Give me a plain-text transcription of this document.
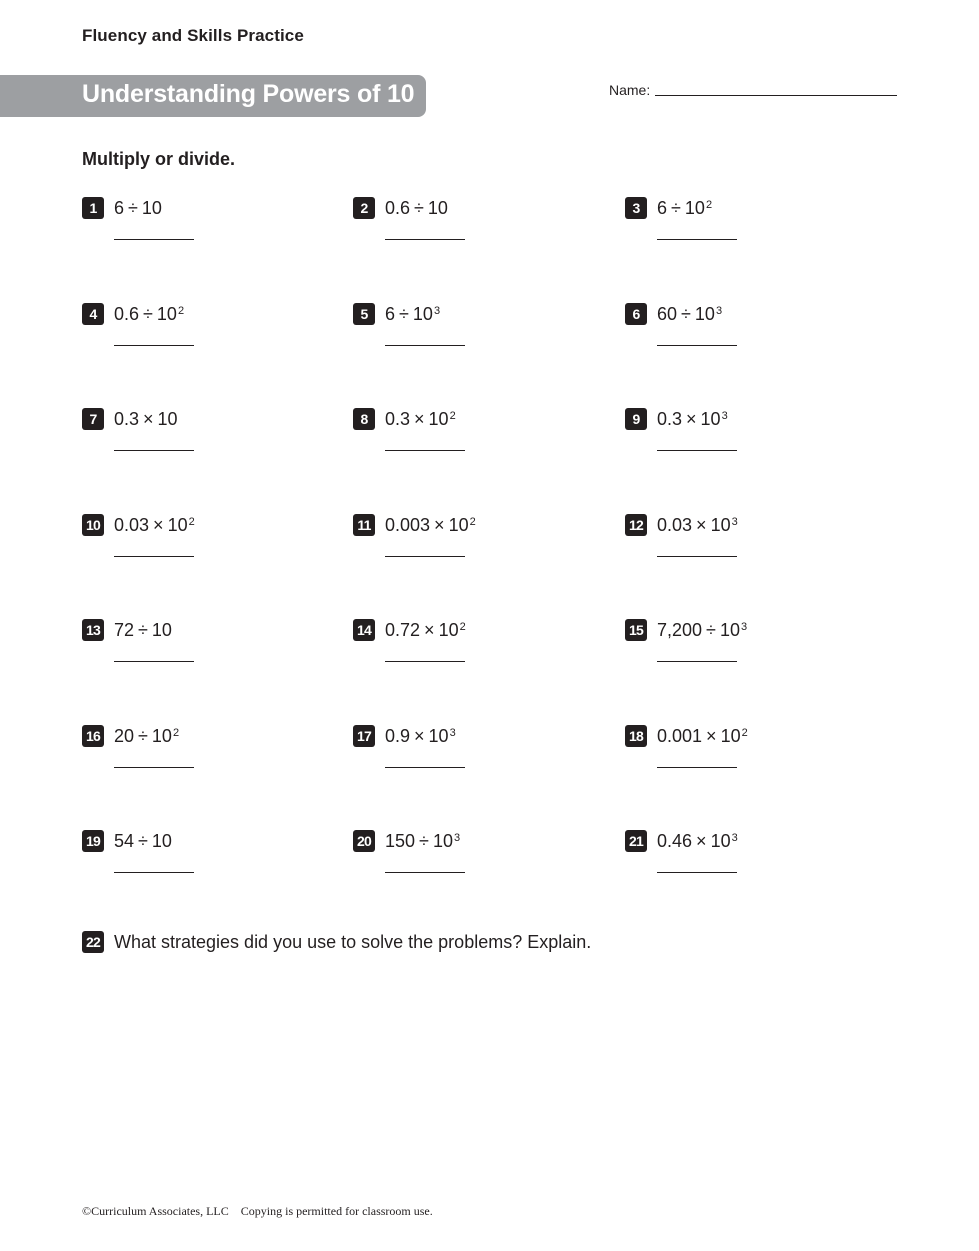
Fluency and Skills Practice
Understanding Powers of 10	Name:
Multiply or divide.
1 6 ÷ 10	2 0.6 ÷ 10	3 $6 \div 10^2$
4 $0.6 \div 10^2$	5 $6 \div 10^3$	6 $60 \div 10^3$
7 0.3 × 10	8 $0.3 \times 10^2$	9 $0.3 \times 10^3$
10 $0.03 \times 10^2$	11 $0.003 \times 10^2$	12 $0.03 \times 10^3$
13 72 ÷ 10	14 $0.72 \times 10^2$	15 $7,200 \div 10^3$
16 $20 \div 10^2$	17 $0.9 \times 10^3$	18 $0.001 \times 10^2$
19 54 ÷ 10	20 $150 \div 10^3$	21 $0.46 \times 10^3$
22 What strategies did you use to solve the problems? Explain.
©Curriculum Associates, LLC Copying is permitted for classroom use.
